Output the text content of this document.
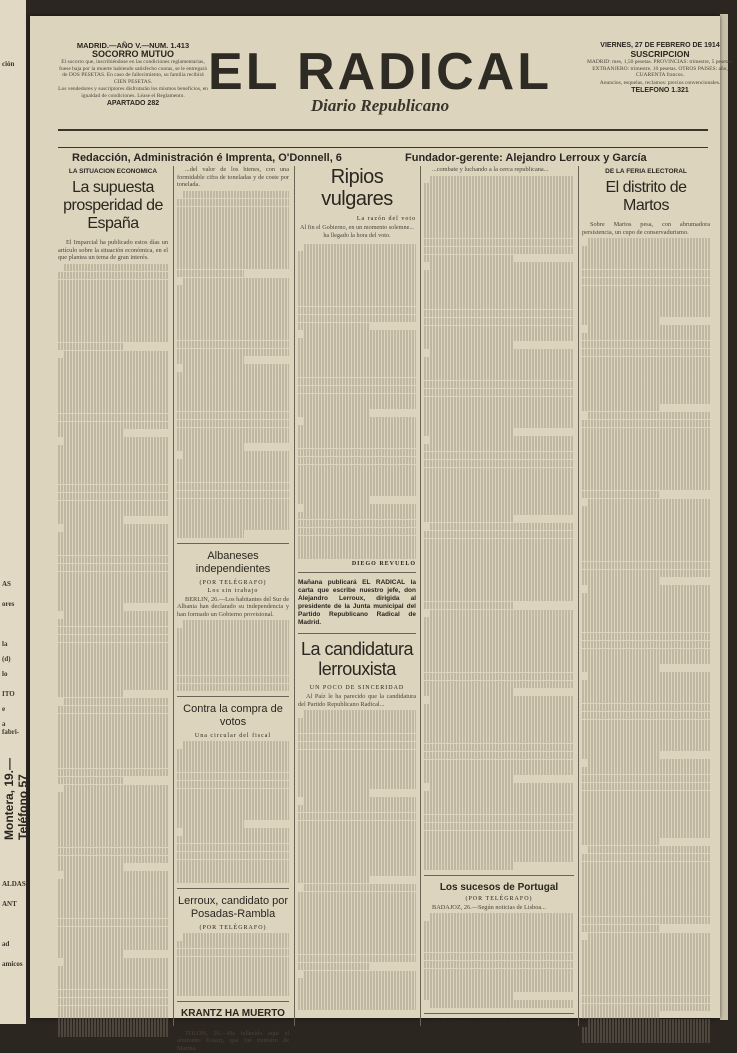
ción
AS
ores
la
(d)
lo
ITO
e
a fabri-
Montera, 19.—Teléfono 57
ALDAS
ANT
ad
amicos
MADRID.—AÑO V.—NUM. 1.413
SOCORRO MUTUO

El socorro que, inscribiéndose en las condiciones reglamentarias, fuese baja por la muerte habiendo satisfecho cuotas, se le entregará de DOS PESETAS. En caso de fallecimiento, su familia recibirá CIEN PESETAS.

Los vendedores y suscriptores disfrutarán los mismos beneficios, en igualdad de condiciones. Léase el Reglamento.

APARTADO 282
EL RADICAL
Diario Republicano
VIERNES, 27 DE FEBRERO DE 1914
SUSCRIPCION

MADRID: mes, 1,50 pesetas. PROVINCIAS: trimestre, 5 pesetas. EXTRANJERO: trimestre, 10 pesetas. OTROS PAISES: año, CUARENTA francos.

Anuncios, esquelas, reclamos: precios convencionales.

TELEFONO 1.321
Redacción, Administración é Imprenta, O'Donnell, 6	Fundador-gerente: Alejandro Lerroux y García
LA SITUACION ECONOMICA
La supuesta prosperidad de España

El Imparcial ha publicado estos días un artículo sobre la situación económica, en el que plantea un tema de gran interés.

...del valor de los bienes, con una formidable cifra de toneladas y de coste por tonelada.

Albaneses independientes
(POR TELÉGRAFO)
Los sin trabajo

BERLIN, 26.—Los habitantes del Sur de Albania han declarado su independencia y han formado un Gobierno provisional.

Contra la compra de votos
Una circular del fiscal
Lerroux, candidato por Posadas-Rambla
(POR TELÉGRAFO)
KRANTZ HA MUERTO
(POR TELÉGRAFO)

TOLON, 26.—Ha fallecido aquí el almirante Krantz, que fué ministro de Marina.

Ripios vulgares
La razón del voto

Al fin el Gobierno, en un momento solemne... ha llegado la hora del voto.

DIEGO REVUELO
Mañana publicará EL RADICAL la carta que escribe nuestro jefe, don Alejandro Lerroux, dirigida al presidente de la Junta municipal del Partido Republicano Radical de Madrid.
La candidatura lerrouxista
UN POCO DE SINCERIDAD

Al Paíz le ha parecido que la candidatura del Partido Republicano Radical...

...combate y luchando a la cerca republicana...

Los sucesos de Portugal
(POR TELÉGRAFO)

BADAJOZ, 26.—Según noticias de Lisboa...

«EL RADICAL» VENDESE EN CORUÑA EN LA LIBRERIA DE LINO PEREZ
DE LA FERIA ELECTORAL
El distrito de Martos

Sobre Martos pesa, con abrumadora persistencia, un cupo de conservadurismo.
